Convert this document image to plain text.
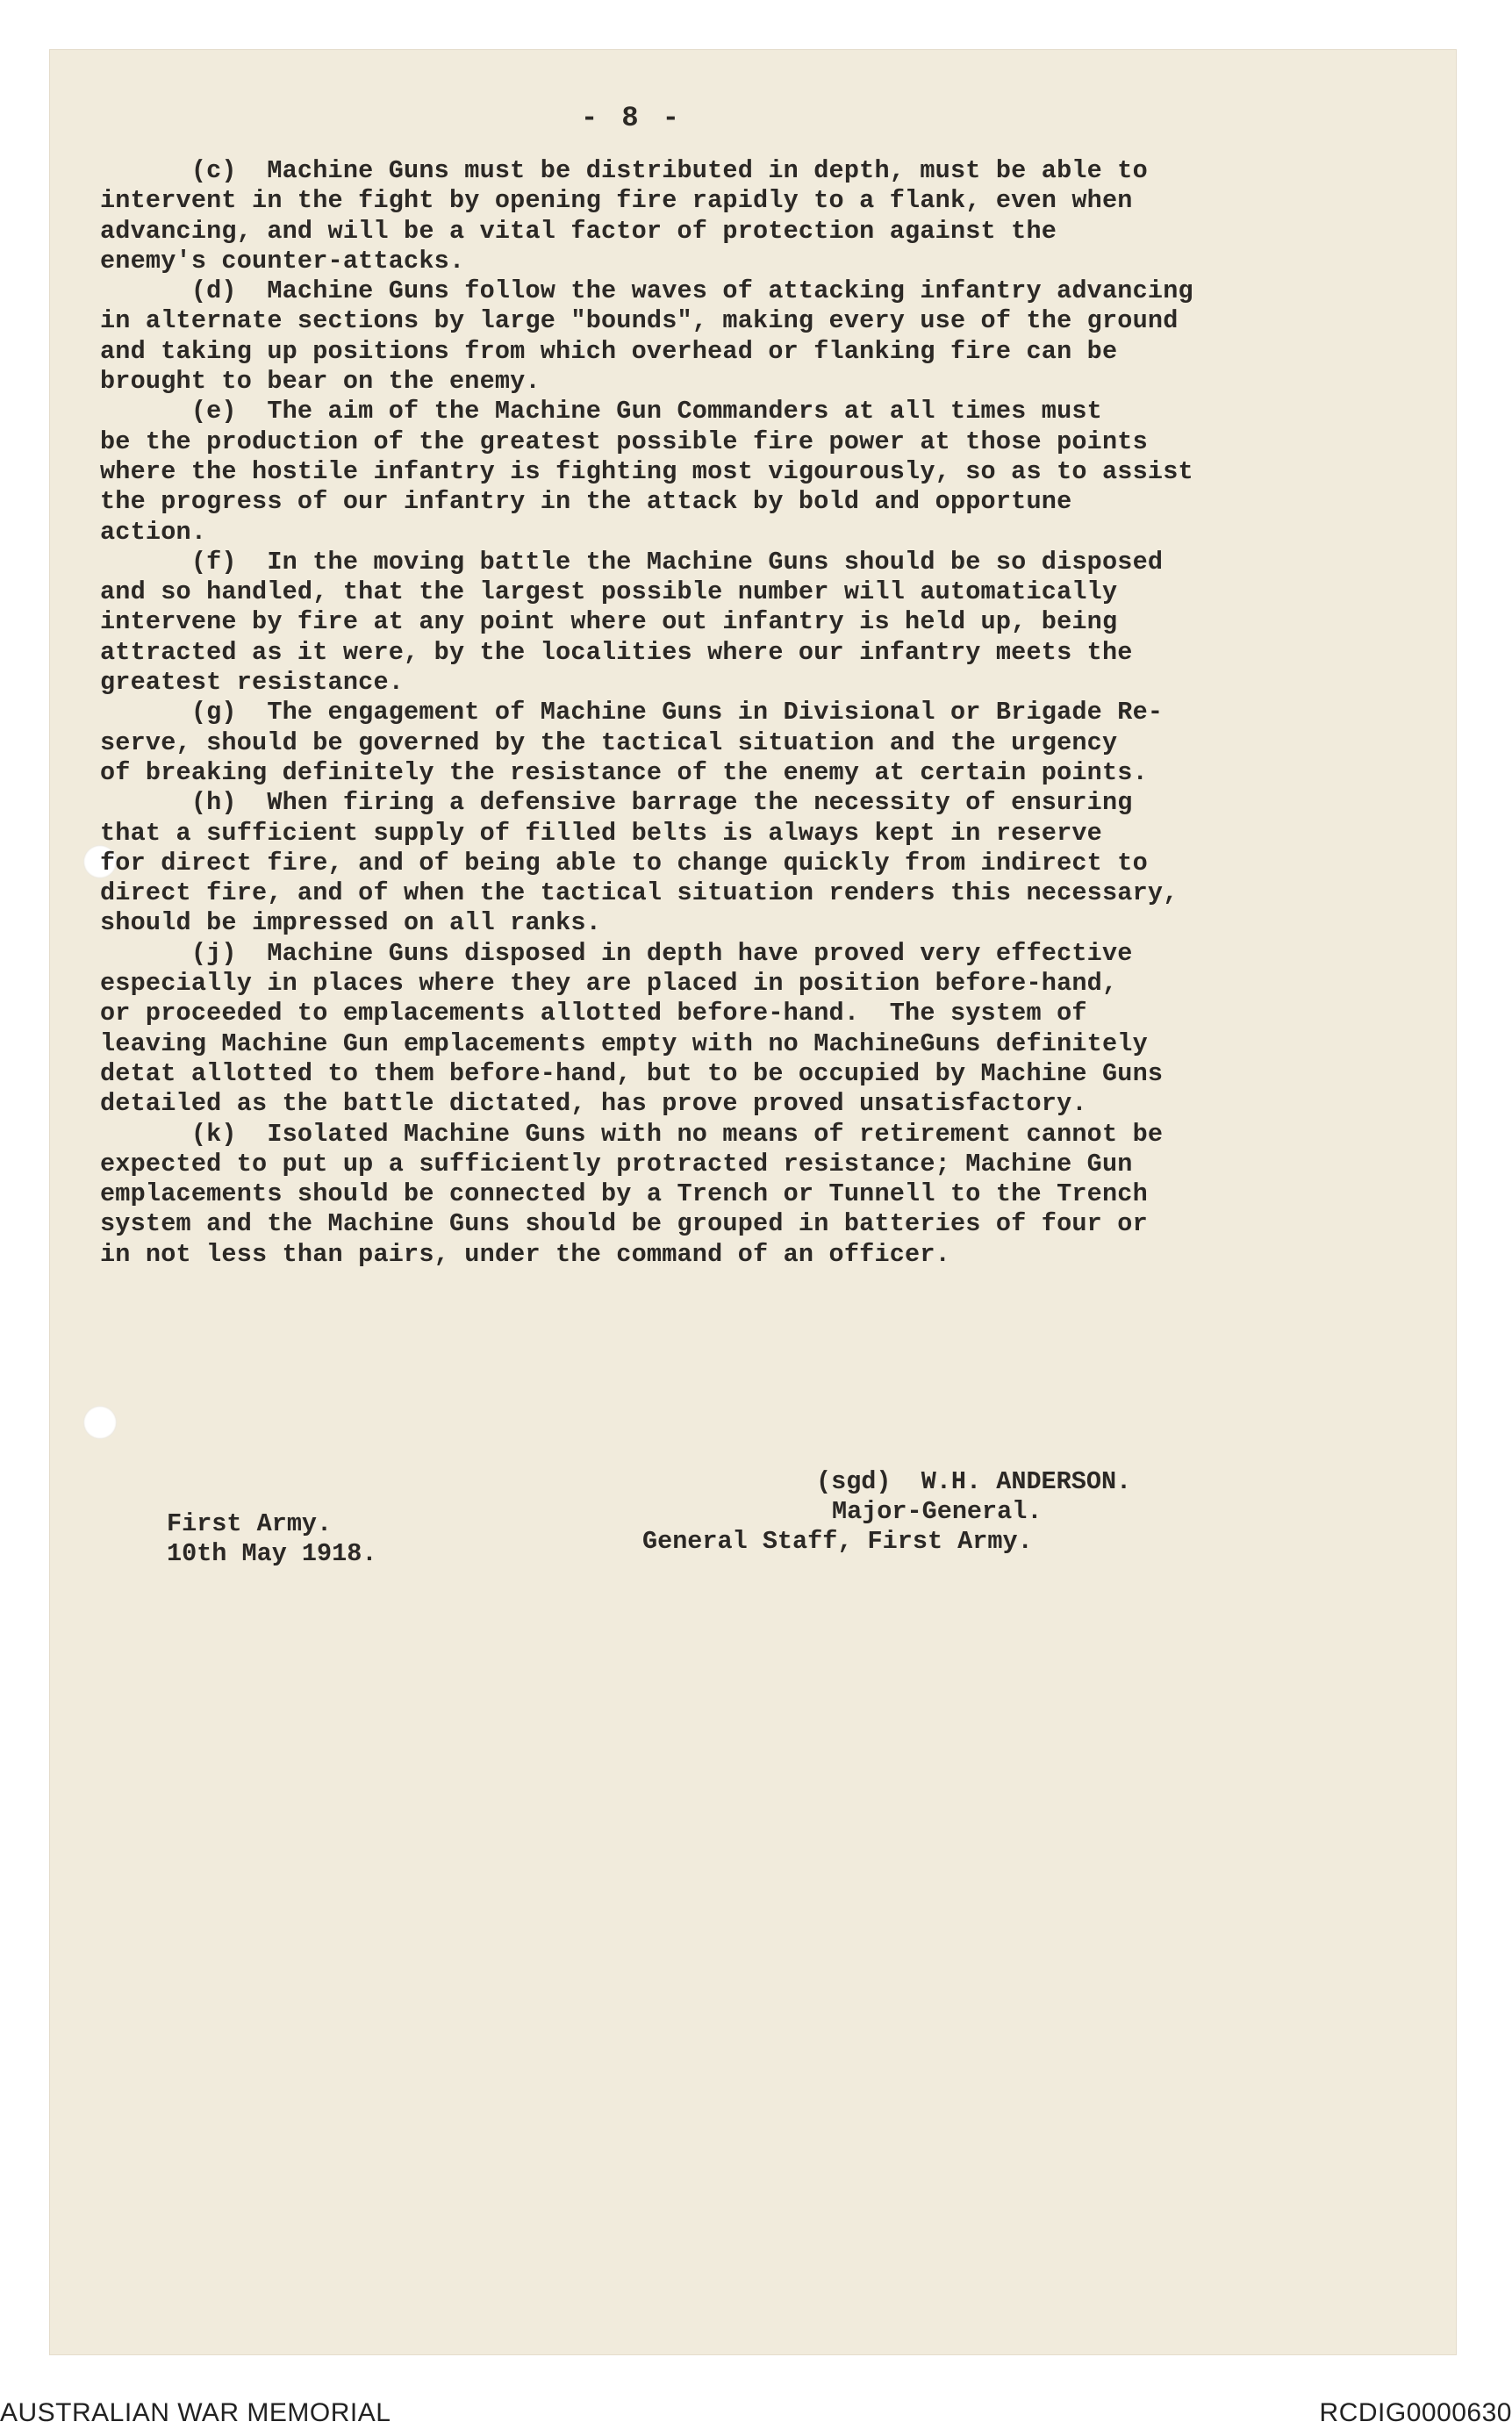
- 8 -
(c)  Machine Guns must be distributed in depth, must be able to
intervent in the fight by opening fire rapidly to a flank, even when
advancing, and will be a vital factor of protection against the
enemy's counter-attacks.
(d)  Machine Guns follow the waves of attacking infantry advancing
in alternate sections by large "bounds", making every use of the ground
and taking up positions from which overhead or flanking fire can be
brought to bear on the enemy.
(e)  The aim of the Machine Gun Commanders at all times must
be the production of the greatest possible fire power at those points
where the hostile infantry is fighting most vigourously, so as to assist
the progress of our infantry in the attack by bold and opportune
action.
(f)  In the moving battle the Machine Guns should be so disposed
and so handled, that the largest possible number will automatically
intervene by fire at any point where out infantry is held up, being
attracted as it were, by the localities where our infantry meets the
greatest resistance.
(g)  The engagement of Machine Guns in Divisional or Brigade Re-
serve, should be governed by the tactical situation and the urgency
of breaking definitely the resistance of the enemy at certain points.
(h)  When firing a defensive barrage the necessity of ensuring
that a sufficient supply of filled belts is always kept in reserve
for direct fire, and of being able to change quickly from indirect to
direct fire, and of when the tactical situation renders this necessary,
should be impressed on all ranks.
(j)  Machine Guns disposed in depth have proved very effective
especially in places where they are placed in position before-hand,
or proceeded to emplacements allotted before-hand.  The system of
leaving Machine Gun emplacements empty with no MachineGuns definitely
detat allotted to them before-hand, but to be occupied by Machine Guns
detailed as the battle dictated, has prove proved unsatisfactory.
(k)  Isolated Machine Guns with no means of retirement cannot be
expected to put up a sufficiently protracted resistance; Machine Gun
emplacements should be connected by a Trench or Tunnell to the Trench
system and the Machine Guns should be grouped in batteries of four or
in not less than pairs, under the command of an officer.
(sgd)  W.H. ANDERSON.
Major-General.
General Staff, First Army.
First Army.
10th May 1918.
AUSTRALIAN WAR MEMORIAL	RCDIG0000630
